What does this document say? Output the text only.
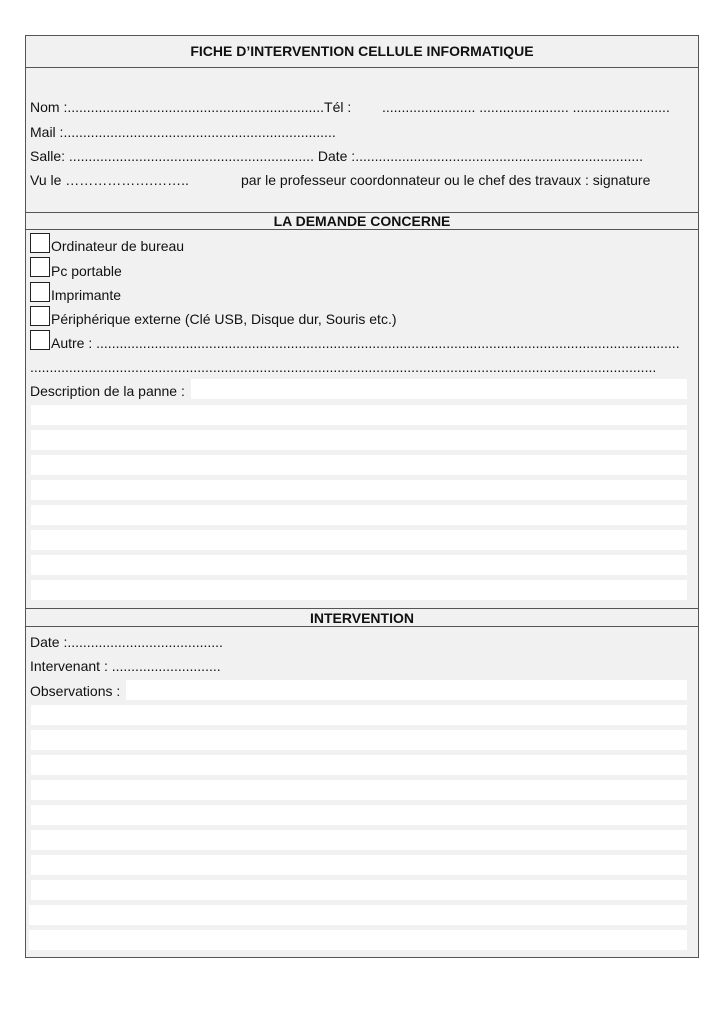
FICHE D’INTERVENTION CELLULE INFORMATIQUE
Nom :..................................................................Tél : ........................ ....................... .........................
Mail :......................................................................
Salle: ............................................................... Date :..........................................................................
Vu le ……………….……..	par le professeur coordonnateur ou le chef des travaux : signature
LA DEMANDE CONCERNE
Ordinateur de bureau
Pc portable
Imprimante
Périphérique externe (Clé USB, Disque dur, Souris etc.)
Autre : ......................................................................................................................................................
.................................................................................................................................................................
Description de la panne :
INTERVENTION
Date :........................................
Intervenant : ............................
Observations :
